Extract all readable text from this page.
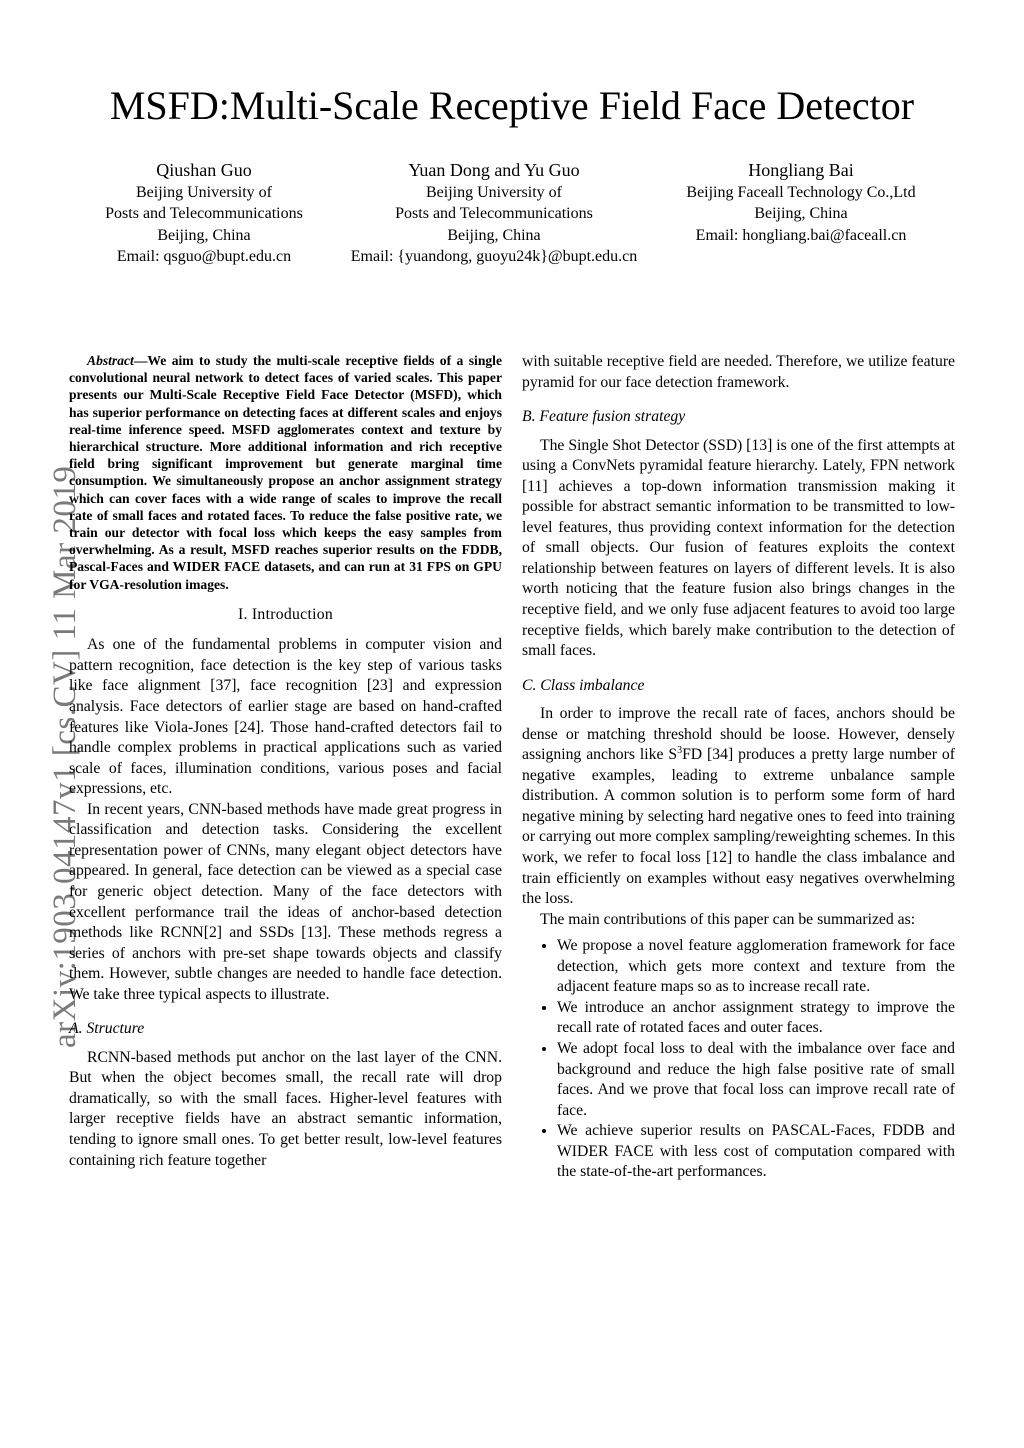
arXiv:1903.04147v1 [cs.CV] 11 Mar 2019
MSFD:Multi-Scale Receptive Field Face Detector
Qiushan Guo
Beijing University of
Posts and Telecommunications
Beijing, China
Email: qsguo@bupt.edu.cn
Yuan Dong and Yu Guo
Beijing University of
Posts and Telecommunications
Beijing, China
Email: {yuandong, guoyu24k}@bupt.edu.cn
Hongliang Bai
Beijing Faceall Technology Co.,Ltd
Beijing, China
Email: hongliang.bai@faceall.cn

Abstract—We aim to study the multi-scale receptive fields of a single convolutional neural network to detect faces of varied scales. This paper presents our Multi-Scale Receptive Field Face Detector (MSFD), which has superior performance on detecting faces at different scales and enjoys real-time inference speed. MSFD agglomerates context and texture by hierarchical structure. More additional information and rich receptive field bring significant improvement but generate marginal time consumption. We simultaneously propose an anchor assignment strategy which can cover faces with a wide range of scales to improve the recall rate of small faces and rotated faces. To reduce the false positive rate, we train our detector with focal loss which keeps the easy samples from overwhelming. As a result, MSFD reaches superior results on the FDDB, Pascal-Faces and WIDER FACE datasets, and can run at 31 FPS on GPU for VGA-resolution images.

I. Introduction

As one of the fundamental problems in computer vision and pattern recognition, face detection is the key step of various tasks like face alignment [37], face recognition [23] and expression analysis. Face detectors of earlier stage are based on hand-crafted features like Viola-Jones [24]. Those hand-crafted detectors fail to handle complex problems in practical applications such as varied scale of faces, illumination conditions, various poses and facial expressions, etc.

In recent years, CNN-based methods have made great progress in classification and detection tasks. Considering the excellent representation power of CNNs, many elegant object detectors have appeared. In general, face detection can be viewed as a special case for generic object detection. Many of the face detectors with excellent performance trail the ideas of anchor-based detection methods like RCNN[2] and SSDs [13]. These methods regress a series of anchors with pre-set shape towards objects and classify them. However, subtle changes are needed to handle face detection. We take three typical aspects to illustrate.

A. Structure

RCNN-based methods put anchor on the last layer of the CNN. But when the object becomes small, the recall rate will drop dramatically, so with the small faces. Higher-level features with larger receptive fields have an abstract semantic information, tending to ignore small ones. To get better result, low-level features containing rich feature together

with suitable receptive field are needed. Therefore, we utilize feature pyramid for our face detection framework.

B. Feature fusion strategy

The Single Shot Detector (SSD) [13] is one of the first attempts at using a ConvNets pyramidal feature hierarchy. Lately, FPN network [11] achieves a top-down information transmission making it possible for abstract semantic information to be transmitted to low-level features, thus providing context information for the detection of small objects. Our fusion of features exploits the context relationship between features on layers of different levels. It is also worth noticing that the feature fusion also brings changes in the receptive field, and we only fuse adjacent features to avoid too large receptive fields, which barely make contribution to the detection of small faces.

C. Class imbalance

In order to improve the recall rate of faces, anchors should be dense or matching threshold should be loose. However, densely assigning anchors like $S^3FD$ [34] produces a pretty large number of negative examples, leading to extreme unbalance sample distribution. A common solution is to perform some form of hard negative mining by selecting hard negative ones to feed into training or carrying out more complex sampling/reweighting schemes. In this work, we refer to focal loss [12] to handle the class imbalance and train efficiently on examples without easy negatives overwhelming the loss.

The main contributions of this paper can be summarized as:

• We propose a novel feature agglomeration framework for face detection, which gets more context and texture from the adjacent feature maps so as to increase recall rate.
• We introduce an anchor assignment strategy to improve the recall rate of rotated faces and outer faces.
• We adopt focal loss to deal with the imbalance over face and background and reduce the high false positive rate of small faces. And we prove that focal loss can improve recall rate of face.
• We achieve superior results on PASCAL-Faces, FDDB and WIDER FACE with less cost of computation compared with the state-of-the-art performances.
